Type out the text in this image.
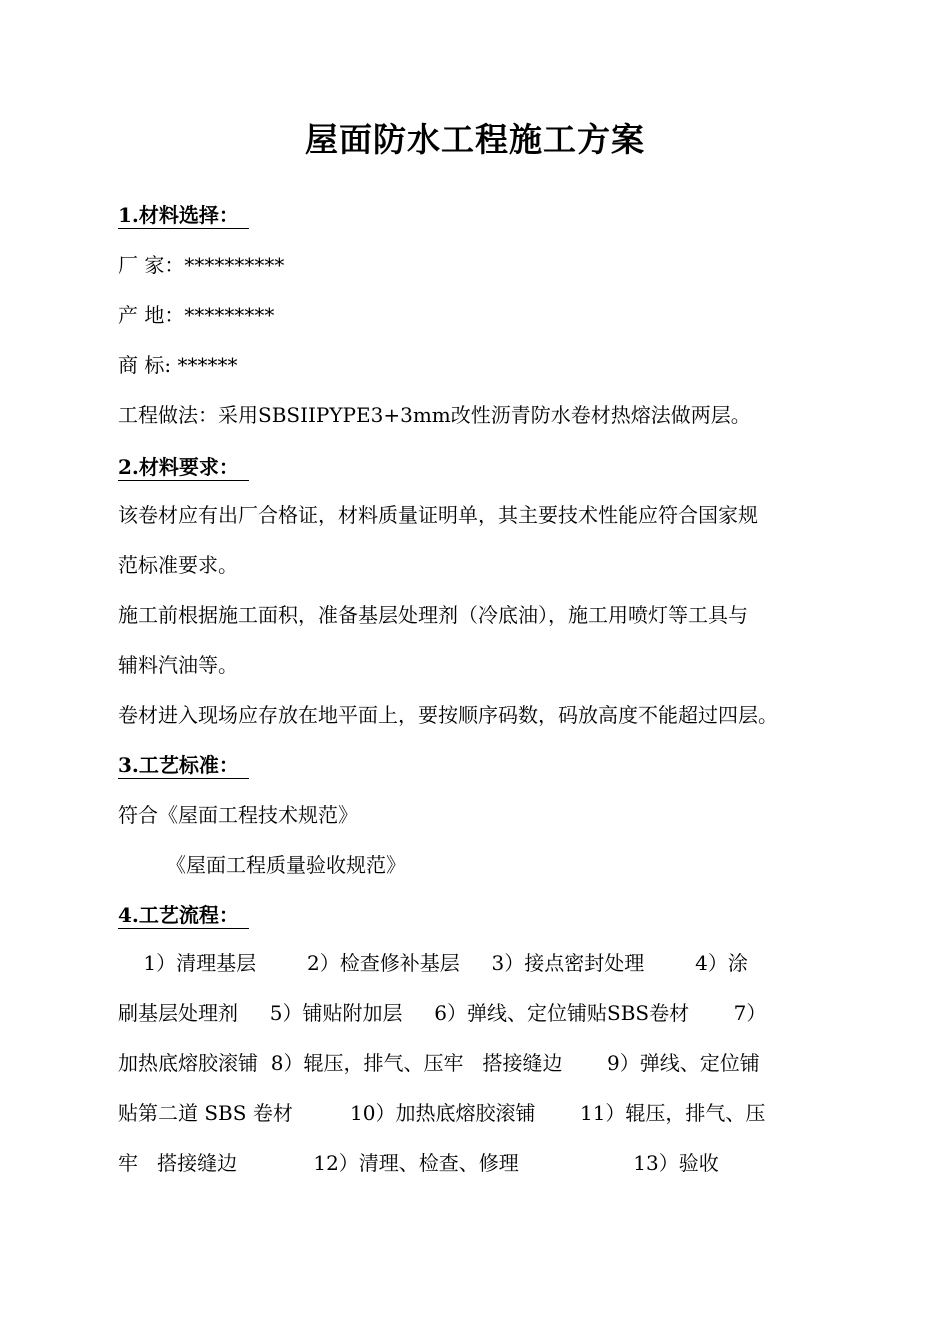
屋面防水工程施工方案
1.材料选择：
厂 家：**********
产 地：*********
商 标: ******
工程做法：采用SBSIIPYPE3+3mm改性沥青防水卷材热熔法做两层。
2.材料要求：
该卷材应有出厂合格证，材料质量证明单，其主要技术性能应符合国家规
范标准要求。
施工前根据施工面积，准备基层处理剂（冷底油），施工用喷灯等工具与
辅料汽油等。
卷材进入现场应存放在地平面上，要按顺序码数，码放高度不能超过四层。
3.工艺标准：
符合《屋面工程技术规范》
《屋面工程质量验收规范》
4.工艺流程：
1）清理基层        2）检查修补基层     3）接点密封处理        4）涂
刷基层处理剂     5）铺贴附加层     6）弹线、定位铺贴SBS卷材       7）
加热底熔胶滚铺  8）辊压，排气、压牢   搭接缝边       9）弹线、定位铺
贴第二道 SBS 卷材         10）加热底熔胶滚铺       11）辊压，排气、压
牢   搭接缝边            12）清理、检查、修理                  13）验收
